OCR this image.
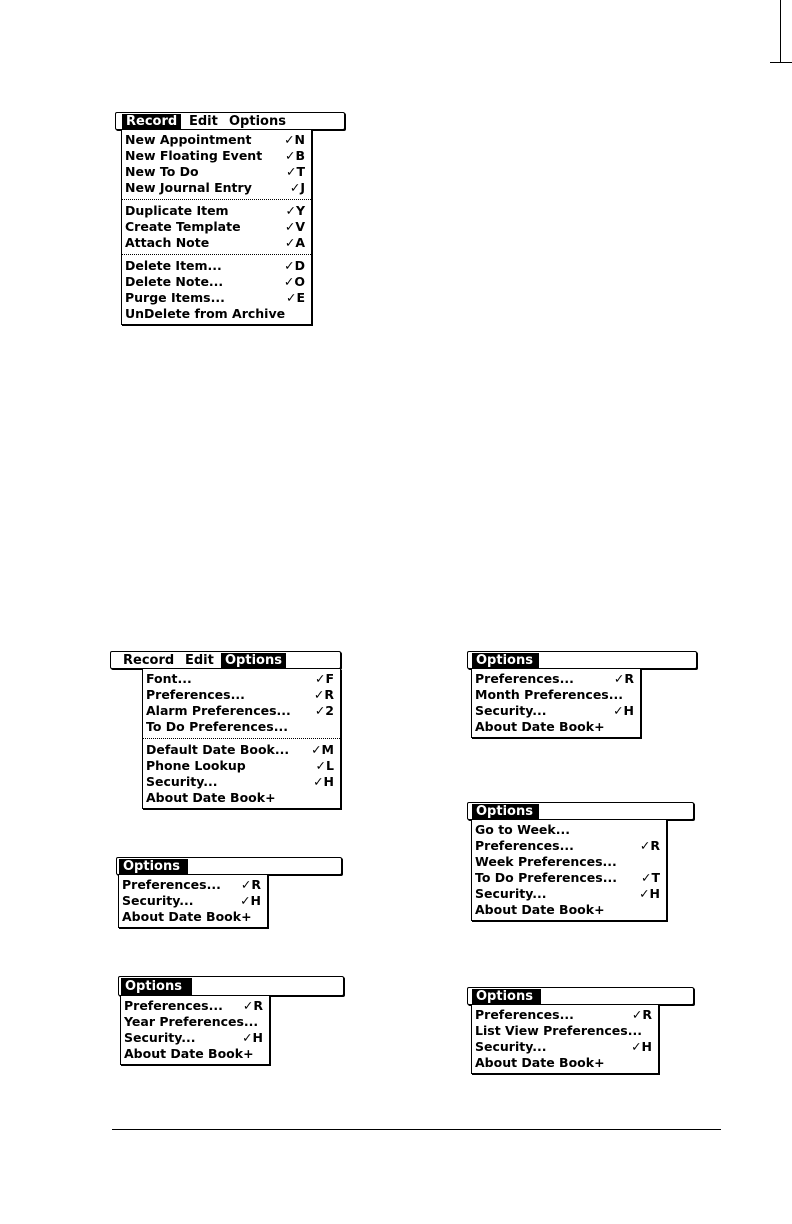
Record Edit Options
New Appointment	✓N
New Floating Event ✓B
New To Do	✓T
New Journal Entry	✓J
Duplicate Item	✓Y
Create Template	✓V
Attach Note	✓A
Delete Item...	✓D
Delete Note...	✓O
Purge Items...	✓E
UnDelete from Archive
Record Edit Options
Font...	✓F
Preferences...	✓R
Alarm Preferences... ✓2
To Do Preferences...
Default Date Book... ✓M
Phone Lookup	✓L
Security...	✓H
About Date Book+
Options
Preferences... ✓R
Security...	✓H
About Date Book+
Options
Preferences... ✓R
Year Preferences...
Security...	✓H
About Date Book+
Options
Preferences...	✓R
Month Preferences...
Security...	✓H
About Date Book+
Options
Go to Week...
Preferences...	✓R
Week Preferences...
To Do Preferences... ✓T
Security...	✓H
About Date Book+
Options
Preferences...	✓R
List View Preferences...
Security...	✓H
About Date Book+
